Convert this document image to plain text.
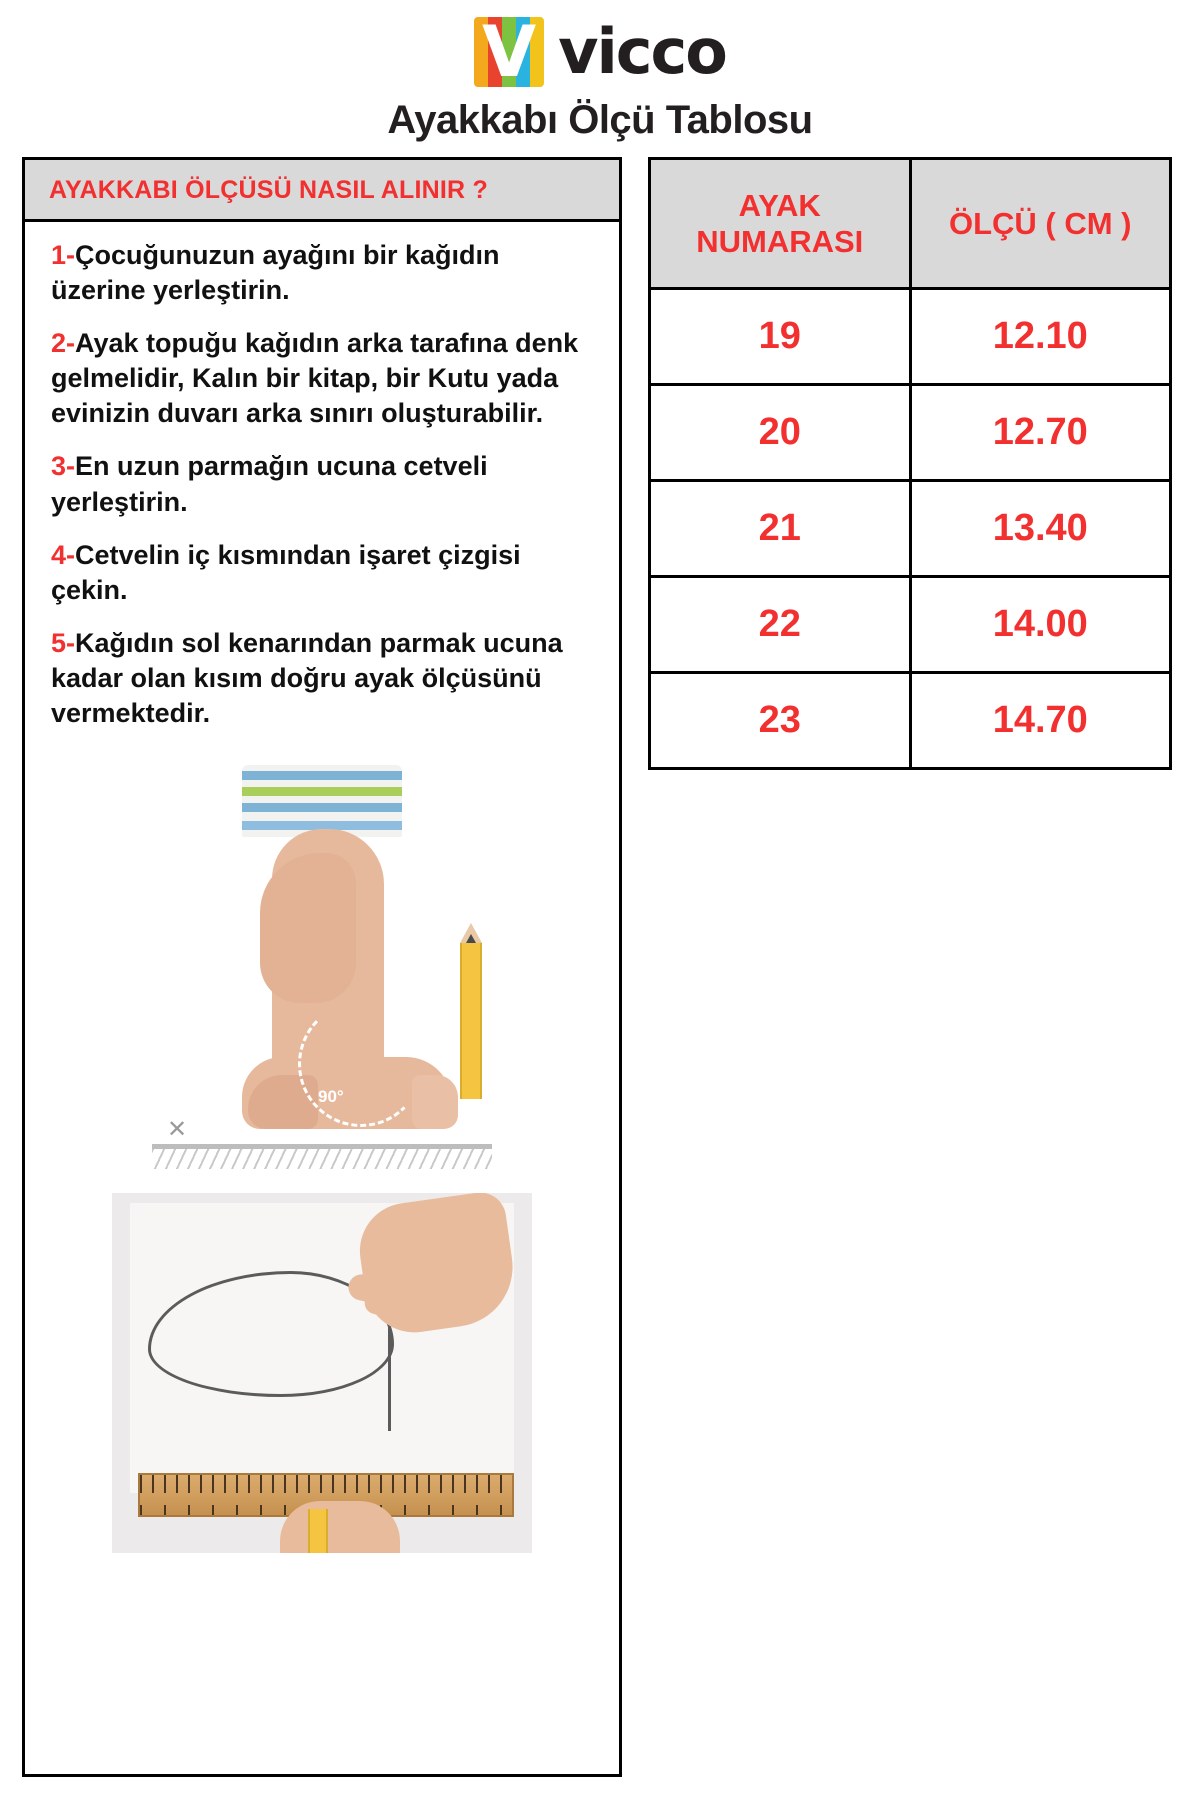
V vicco
Ayakkabı Ölçü Tablosu
AYAKKABI ÖLÇÜSÜ NASIL ALINIR ?
1-Çocuğunuzun ayağını bir kağıdın üzerine yerleştirin.
2-Ayak topuğu kağıdın arka tarafına denk gelmelidir, Kalın bir kitap, bir Kutu yada evinizin duvarı arka sınırı oluşturabilir.
3-En uzun parmağın ucuna cetveli yerleştirin.
4-Cetvelin iç kısmından işaret çizgisi çekin.
5-Kağıdın sol kenarından parmak ucuna kadar olan kısım doğru ayak ölçüsünü vermektedir.
90°
✕
AYAK NUMARASI	ÖLÇÜ ( CM )
19	12.10
20	12.70
21	13.40
22	14.00
23	14.70
